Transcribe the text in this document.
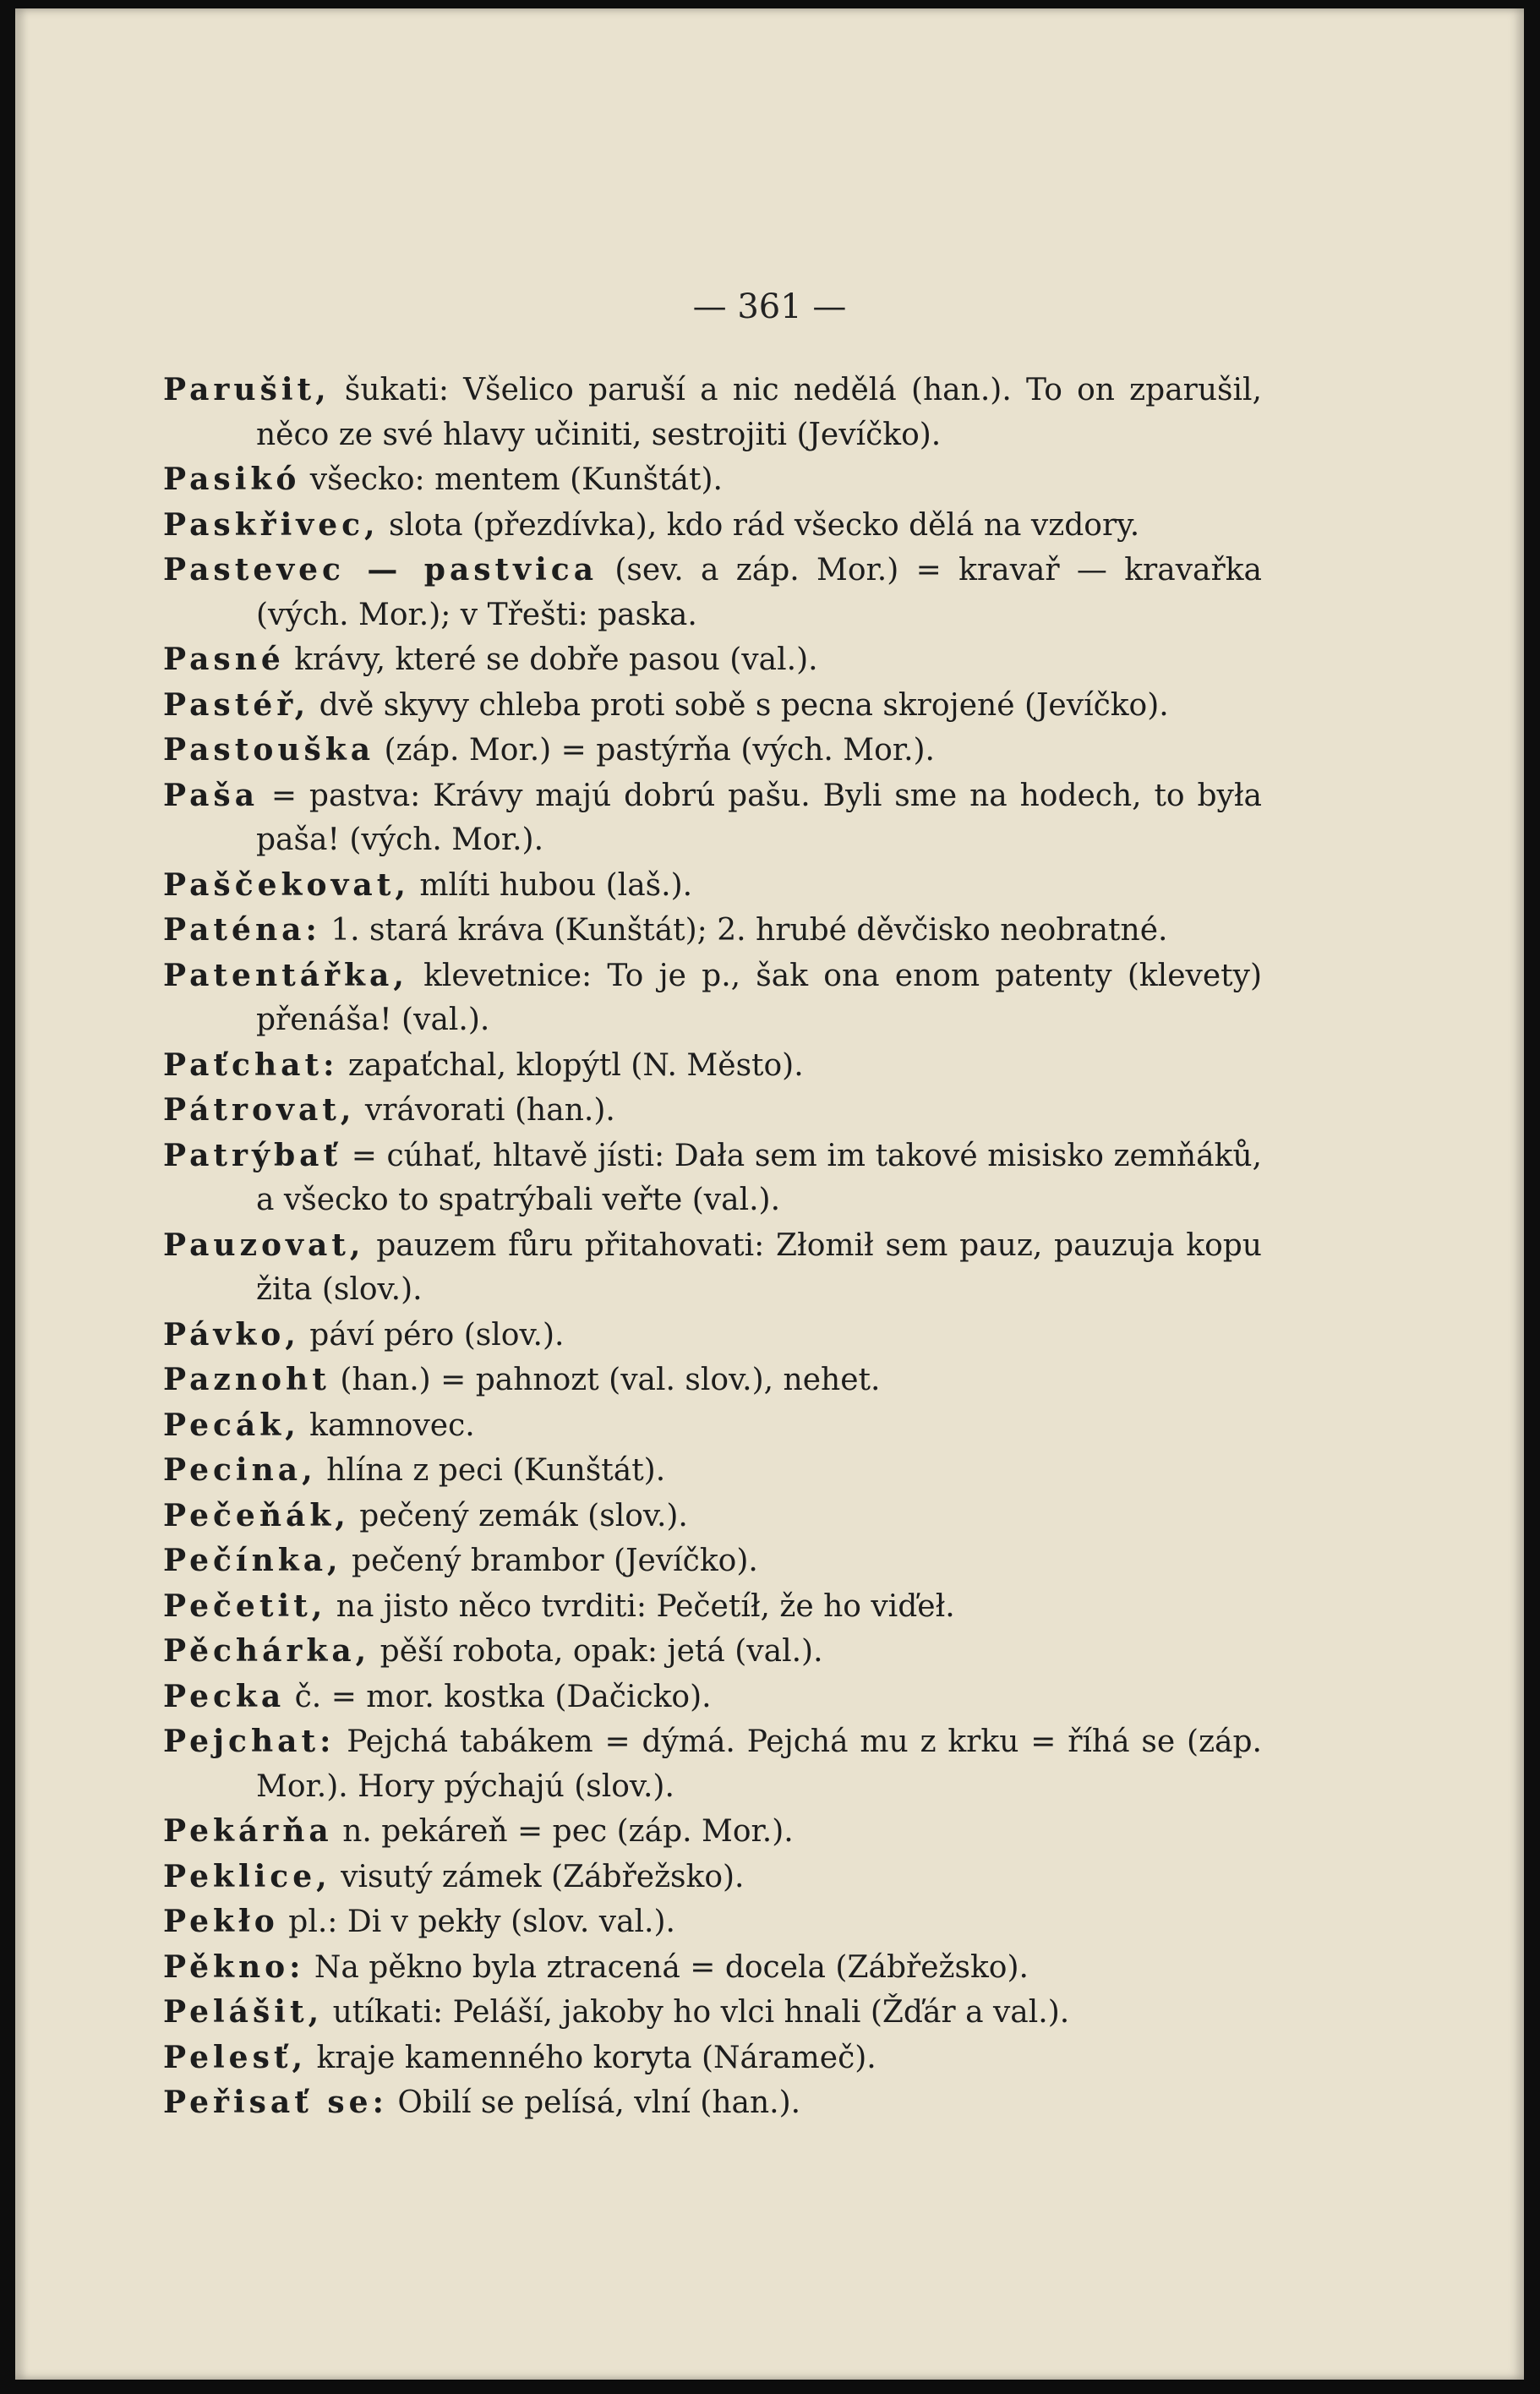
— 361 —
Parušit, šukati: Všelico paruší a nic nedělá (han.). To on zparušil, něco ze své hlavy učiniti, sestrojiti (Jevíčko).
Pasikó všecko: mentem (Kunštát).
Paskřivec, slota (přezdívka), kdo rád všecko dělá na vzdory.
Pastevec — pastvica (sev. a záp. Mor.) = kravař — kravařka (vých. Mor.); v Třešti: paska.
Pasné krávy, které se dobře pasou (val.).
Pastéř, dvě skyvy chleba proti sobě s pecna skrojené (Jevíčko).
Pastouška (záp. Mor.) = pastýrňa (vých. Mor.).
Paša = pastva: Krávy majú dobrú pašu. Byli sme na hodech, to była paša! (vých. Mor.).
Paščekovat, mlíti hubou (laš.).
Paténa: 1. stará kráva (Kunštát); 2. hrubé děvčisko neobratné.
Patentářka, klevetnice: To je p., šak ona enom patenty (klevety) přenáša! (val.).
Paťchat: zapaťchal, klopýtl (N. Město).
Pátrovat, vrávorati (han.).
Patrýbať = cúhať, hltavě jísti: Dała sem im takové misisko zemňáků, a všecko to spatrýbali veřte (val.).
Pauzovat, pauzem fůru přitahovati: Złomił sem pauz, pauzuja kopu žita (slov.).
Pávko, páví péro (slov.).
Paznoht (han.) = pahnozt (val. slov.), nehet.
Pecák, kamnovec.
Pecina, hlína z peci (Kunštát).
Pečeňák, pečený zemák (slov.).
Pečínka, pečený brambor (Jevíčko).
Pečetit, na jisto něco tvrditi: Pečetíł, že ho viďeł.
Pěchárka, pěší robota, opak: jetá (val.).
Pecka č. = mor. kostka (Dačicko).
Pejchat: Pejchá tabákem = dýmá. Pejchá mu z krku = říhá se (záp. Mor.). Hory pýchajú (slov.).
Pekárňa n. pekáreň = pec (záp. Mor.).
Peklice, visutý zámek (Zábřežsko).
Pekło pl.: Di v pekły (slov. val.).
Pěkno: Na pěkno byla ztracená = docela (Zábřežsko).
Pelášit, utíkati: Peláší, jakoby ho vlci hnali (Žďár a val.).
Pelesť, kraje kamenného koryta (Náramеč).
Peřisať se: Obilí se pelísá, vlní (han.).
